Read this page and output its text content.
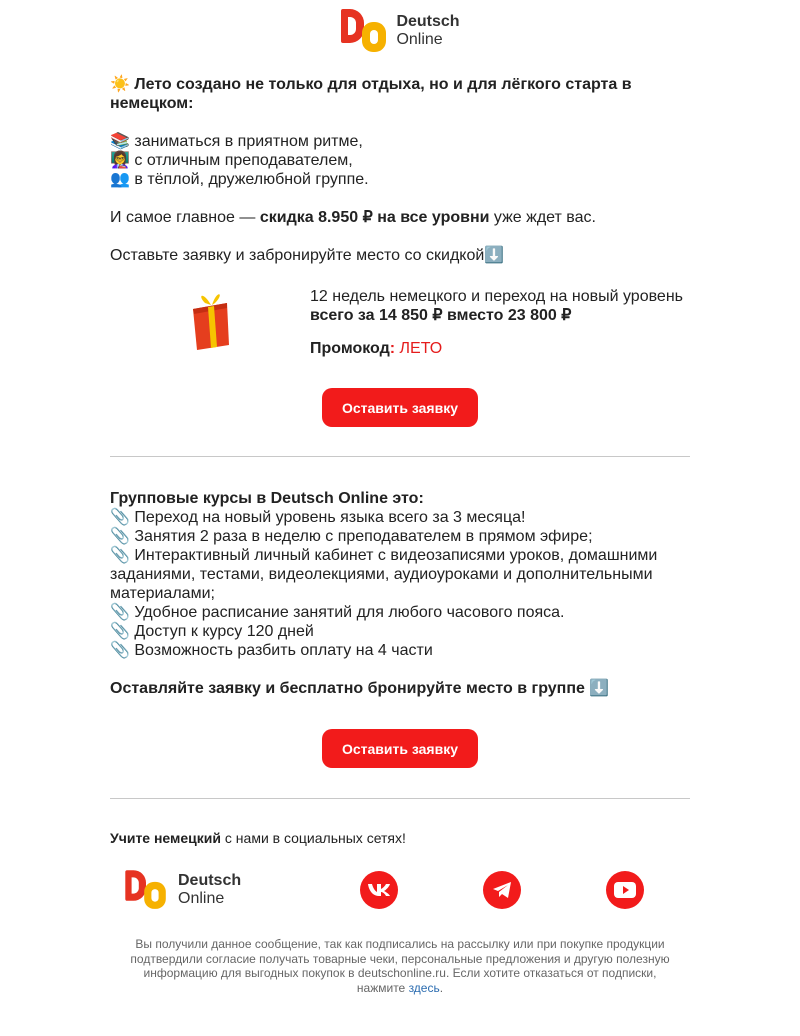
Deutsch
Online

☀️ Лето создано не только для отдыха, но и для лёгкого старта в немецком:

📚 заниматься в приятном ритме,

👩‍🏫 с отличным преподавателем,

👥 в тёплой, дружелюбной группе.

И самое главное — скидка 8.950 ₽ на все уровни уже ждет вас.

Оставьте заявку и забронируйте место со скидкой⬇️

12 недель немецкого и переход на новый уровень
всего за 14 850 ₽ вместо 23 800 ₽
Промокод: ЛЕТО
Оставить заявку

Групповые курсы в Deutsch Online это:

📎 Переход на новый уровень языка всего за 3 месяца!

📎 Занятия 2 раза в неделю с преподавателем в прямом эфире;

📎 Интерактивный личный кабинет с видеозаписями уроков, домашними заданиями, тестами, видеолекциями, аудиоуроками и дополнительными материалами;

📎 Удобное расписание занятий для любого часового пояса.

📎 Доступ к курсу 120 дней

📎 Возможность разбить оплату на 4 части

Оставляйте заявку и бесплатно бронируйте место в группе ⬇️

Оставить заявку
Учите немецкий с нами в социальных сетях!
Deutsch
Online
Вы получили данное сообщение, так как подписались на рассылку или при покупке продукции подтвердили согласие получать товарные чеки, персональные предложения и другую полезную информацию для выгодных покупок в deutschonline.ru. Если хотите отказаться от подписки, нажмите здесь.
